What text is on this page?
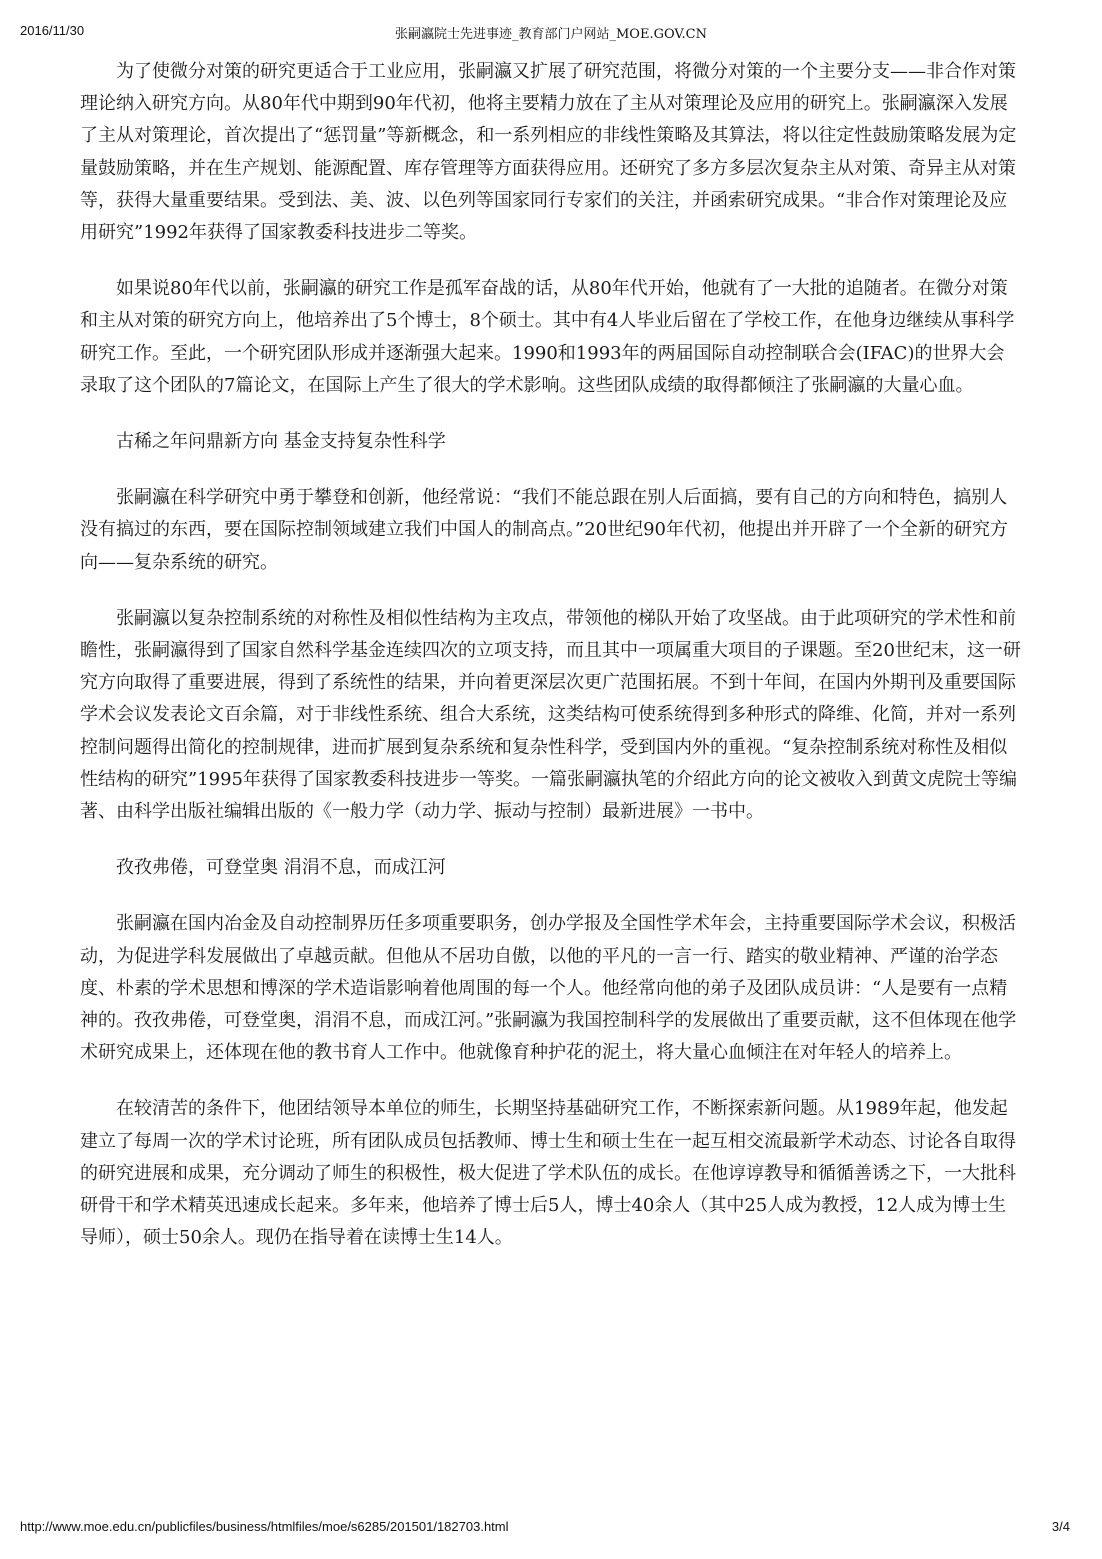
2016/11/30	张嗣瀛院士先进事迹_教育部门户网站_MOE.GOV.CN

为了使微分对策的研究更适合于工业应用，张嗣瀛又扩展了研究范围，将微分对策的一个主要分支——非合作对策理论纳入研究方向。从80年代中期到90年代初，他将主要精力放在了主从对策理论及应用的研究上。张嗣瀛深入发展了主从对策理论，首次提出了“惩罚量”等新概念，和一系列相应的非线性策略及其算法，将以往定性鼓励策略发展为定量鼓励策略，并在生产规划、能源配置、库存管理等方面获得应用。还研究了多方多层次复杂主从对策、奇异主从对策等，获得大量重要结果。受到法、美、波、以色列等国家同行专家们的关注，并函索研究成果。“非合作对策理论及应用研究”1992年获得了国家教委科技进步二等奖。

如果说80年代以前，张嗣瀛的研究工作是孤军奋战的话，从80年代开始，他就有了一大批的追随者。在微分对策和主从对策的研究方向上，他培养出了5个博士，8个硕士。其中有4人毕业后留在了学校工作，在他身边继续从事科学研究工作。至此，一个研究团队形成并逐渐强大起来。1990和1993年的两届国际自动控制联合会(IFAC)的世界大会录取了这个团队的7篇论文，在国际上产生了很大的学术影响。这些团队成绩的取得都倾注了张嗣瀛的大量心血。

古稀之年问鼎新方向 基金支持复杂性科学

张嗣瀛在科学研究中勇于攀登和创新，他经常说：“我们不能总跟在别人后面搞，要有自己的方向和特色，搞别人没有搞过的东西，要在国际控制领域建立我们中国人的制高点。”20世纪90年代初，他提出并开辟了一个全新的研究方向——复杂系统的研究。

张嗣瀛以复杂控制系统的对称性及相似性结构为主攻点，带领他的梯队开始了攻坚战。由于此项研究的学术性和前瞻性，张嗣瀛得到了国家自然科学基金连续四次的立项支持，而且其中一项属重大项目的子课题。至20世纪末，这一研究方向取得了重要进展，得到了系统性的结果，并向着更深层次更广范围拓展。不到十年间，在国内外期刊及重要国际学术会议发表论文百余篇，对于非线性系统、组合大系统，这类结构可使系统得到多种形式的降维、化简，并对一系列控制问题得出简化的控制规律，进而扩展到复杂系统和复杂性科学，受到国内外的重视。“复杂控制系统对称性及相似性结构的研究”1995年获得了国家教委科技进步一等奖。一篇张嗣瀛执笔的介绍此方向的论文被收入到黄文虎院士等编著、由科学出版社编辑出版的《一般力学（动力学、振动与控制）最新进展》一书中。

孜孜弗倦，可登堂奥 涓涓不息，而成江河

张嗣瀛在国内冶金及自动控制界历任多项重要职务，创办学报及全国性学术年会，主持重要国际学术会议，积极活动，为促进学科发展做出了卓越贡献。但他从不居功自傲，以他的平凡的一言一行、踏实的敬业精神、严谨的治学态度、朴素的学术思想和博深的学术造诣影响着他周围的每一个人。他经常向他的弟子及团队成员讲：“人是要有一点精神的。孜孜弗倦，可登堂奥，涓涓不息，而成江河。”张嗣瀛为我国控制科学的发展做出了重要贡献，这不但体现在他学术研究成果上，还体现在他的教书育人工作中。他就像育种护花的泥土，将大量心血倾注在对年轻人的培养上。

在较清苦的条件下，他团结领导本单位的师生，长期坚持基础研究工作，不断探索新问题。从1989年起，他发起建立了每周一次的学术讨论班，所有团队成员包括教师、博士生和硕士生在一起互相交流最新学术动态、讨论各自取得的研究进展和成果，充分调动了师生的积极性，极大促进了学术队伍的成长。在他谆谆教导和循循善诱之下，一大批科研骨干和学术精英迅速成长起来。多年来，他培养了博士后5人，博士40余人（其中25人成为教授，12人成为博士生导师），硕士50余人。现仍在指导着在读博士生14人。

http://www.moe.edu.cn/publicfiles/business/htmlfiles/moe/s6285/201501/182703.html	3/4
